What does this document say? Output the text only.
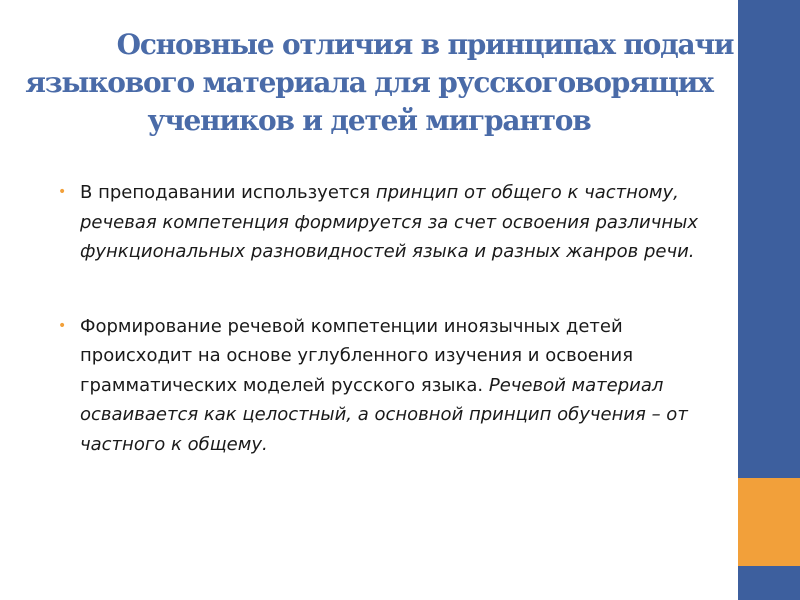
Основные отличия в принципах подачи
языкового материала для русскоговорящих
учеников и детей мигрантов
• В преподавании используется принцип от общего к частному, речевая компетенция формируется за счет освоения различных функциональных разновидностей языка и разных жанров речи.
• Формирование речевой компетенции иноязычных детей происходит на основе углубленного изучения и освоения грамматических моделей русского языка. Речевой материал осваивается как целостный, а основной принцип обучения – от частного к общему.
